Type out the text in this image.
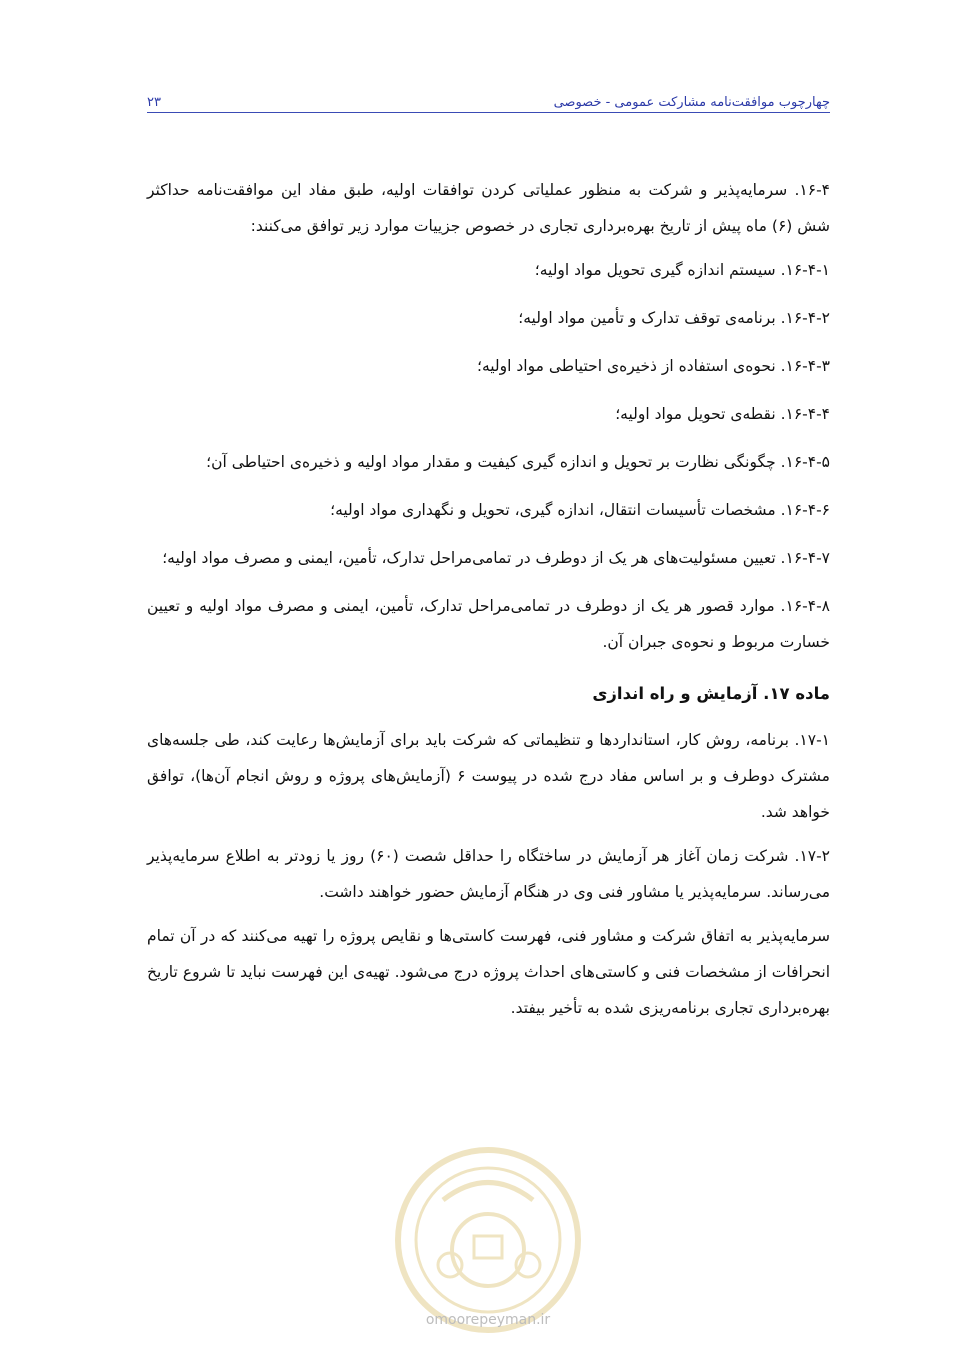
چهارچوب موافقت‌نامه مشارکت عمومی - خصوصی
۲۳

۱۶-۴. سرمایه‌پذیر و شرکت به منظور عملیاتی کردن توافقات اولیه، طبق مفاد این موافقت‌نامه حداکثر شش (۶) ماه پیش از تاریخ بهره‌برداری تجاری در خصوص جزییات موارد زیر توافق می‌کنند:

۱۶-۴-۱. سیستم اندازه گیری تحویل مواد اولیه؛

۱۶-۴-۲. برنامه‌ی توقف تدارک و تأمین مواد اولیه؛

۱۶-۴-۳. نحوه‌ی استفاده از ذخیره‌ی احتیاطی مواد اولیه؛

۱۶-۴-۴. نقطه‌ی تحویل مواد اولیه؛

۱۶-۴-۵. چگونگی نظارت بر تحویل و اندازه گیری کیفیت و مقدار مواد اولیه و ذخیره‌ی احتیاطی آن؛

۱۶-۴-۶. مشخصات تأسیسات انتقال، اندازه گیری، تحویل و نگهداری مواد اولیه؛

۱۶-۴-۷. تعیین مسئولیت‌های هر یک از دوطرف در تمامی‌مراحل تدارک، تأمین، ایمنی و مصرف مواد اولیه؛

۱۶-۴-۸. موارد قصور هر یک از دوطرف در تمامی‌مراحل تدارک، تأمین، ایمنی و مصرف مواد اولیه و تعیین خسارت مربوط و نحوه‌ی جبران آن.

ماده ۱۷. آزمایش و راه اندازی

۱۷-۱. برنامه، روش کار، استانداردها و تنظیماتی که شرکت باید برای آزمایش‌ها رعایت کند، طی جلسه‌های مشترک دوطرف و بر اساس مفاد درج شده در پیوست ۶ (آزمایش‌های پروژه و روش انجام آن‌ها)، توافق خواهد شد.

۱۷-۲. شرکت زمان آغاز هر آزمایش در ساختگاه را حداقل شصت (۶۰) روز یا زودتر به اطلاع سرمایه‌پذیر می‌رساند. سرمایه‌پذیر یا مشاور فنی وی در هنگام آزمایش حضور خواهند داشت.

سرمایه‌پذیر به اتفاق شرکت و مشاور فنی، فهرست کاستی‌ها و نقایص پروژه را تهیه می‌کنند که در آن تمام انحرافات از مشخصات فنی و کاستی‌های احداث پروژه درج می‌شود. تهیه‌ی این فهرست نباید تا شروع تاریخ بهره‌برداری تجاری برنامه‌ریزی شده به تأخیر بیفتد.

omoorepeyman.ir
